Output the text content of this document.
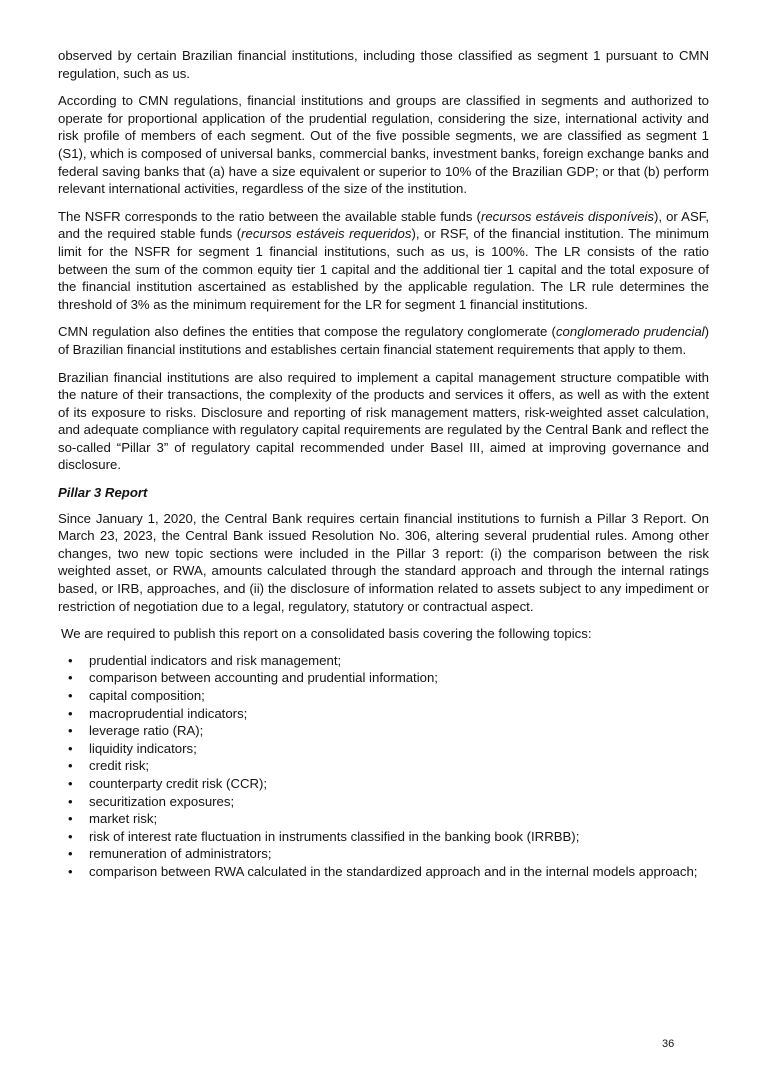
observed by certain Brazilian financial institutions, including those classified as segment 1 pursuant to CMN regulation, such as us.

According to CMN regulations, financial institutions and groups are classified in segments and authorized to operate for proportional application of the prudential regulation, considering the size, international activity and risk profile of members of each segment. Out of the five possible segments, we are classified as segment 1 (S1), which is composed of universal banks, commercial banks, investment banks, foreign exchange banks and federal saving banks that (a) have a size equivalent or superior to 10% of the Brazilian GDP; or that (b) perform relevant international activities, regardless of the size of the institution.

The NSFR corresponds to the ratio between the available stable funds (recursos estáveis disponíveis), or ASF, and the required stable funds (recursos estáveis requeridos), or RSF, of the financial institution. The minimum limit for the NSFR for segment 1 financial institutions, such as us, is 100%. The LR consists of the ratio between the sum of the common equity tier 1 capital and the additional tier 1 capital and the total exposure of the financial institution ascertained as established by the applicable regulation. The LR rule determines the threshold of 3% as the minimum requirement for the LR for segment 1 financial institutions.

CMN regulation also defines the entities that compose the regulatory conglomerate (conglomerado prudencial) of Brazilian financial institutions and establishes certain financial statement requirements that apply to them.

Brazilian financial institutions are also required to implement a capital management structure compatible with the nature of their transactions, the complexity of the products and services it offers, as well as with the extent of its exposure to risks. Disclosure and reporting of risk management matters, risk-weighted asset calculation, and adequate compliance with regulatory capital requirements are regulated by the Central Bank and reflect the so-called “Pillar 3” of regulatory capital recommended under Basel III, aimed at improving governance and disclosure.

Pillar 3 Report

Since January 1, 2020, the Central Bank requires certain financial institutions to furnish a Pillar 3 Report. On March 23, 2023, the Central Bank issued Resolution No. 306, altering several prudential rules. Among other changes, two new topic sections were included in the Pillar 3 report: (i) the comparison between the risk weighted asset, or RWA, amounts calculated through the standard approach and through the internal ratings based, or IRB, approaches, and (ii) the disclosure of information related to assets subject to any impediment or restriction of negotiation due to a legal, regulatory, statutory or contractual aspect.

We are required to publish this report on a consolidated basis covering the following topics:

• prudential indicators and risk management;
• comparison between accounting and prudential information;
• capital composition;
• macroprudential indicators;
• leverage ratio (RA);
• liquidity indicators;
• credit risk;
• counterparty credit risk (CCR);
• securitization exposures;
• market risk;
• risk of interest rate fluctuation in instruments classified in the banking book (IRRBB);
• remuneration of administrators;
• comparison between RWA calculated in the standardized approach and in the internal models approach;
36
